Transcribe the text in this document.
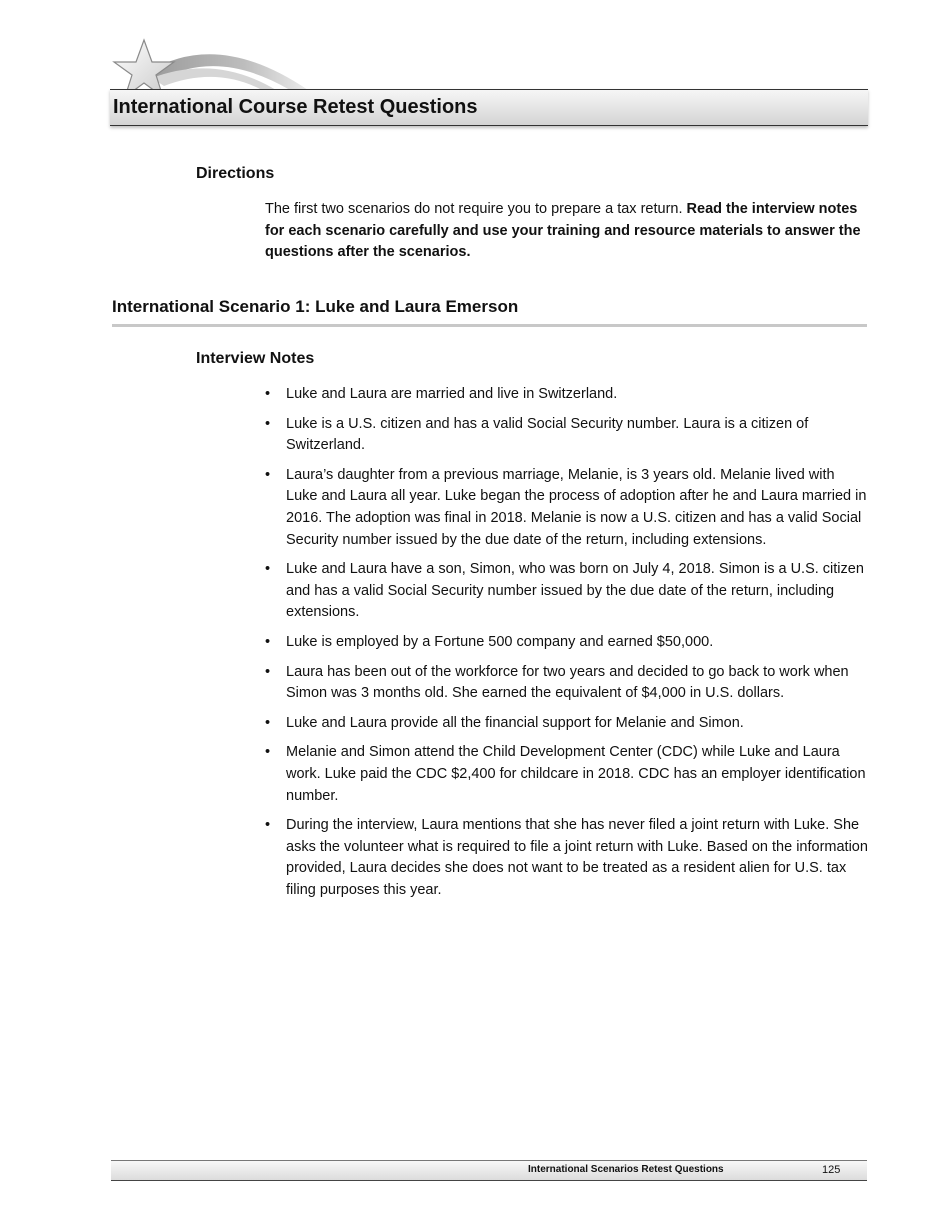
International Course Retest Questions
Directions
The first two scenarios do not require you to prepare a tax return. Read the interview notes for each scenario carefully and use your training and resource materials to answer the questions after the scenarios.
International Scenario 1: Luke and Laura Emerson
Interview Notes
• Luke and Laura are married and live in Switzerland.
• Luke is a U.S. citizen and has a valid Social Security number. Laura is a citizen of Switzerland.
• Laura’s daughter from a previous marriage, Melanie, is 3 years old. Melanie lived with Luke and Laura all year. Luke began the process of adoption after he and Laura married in 2016. The adoption was final in 2018. Melanie is now a U.S. citizen and has a valid Social Security number issued by the due date of the return, including extensions.
• Luke and Laura have a son, Simon, who was born on July 4, 2018. Simon is a U.S. citizen and has a valid Social Security number issued by the due date of the return, including extensions.
• Luke is employed by a Fortune 500 company and earned $50,000.
• Laura has been out of the workforce for two years and decided to go back to work when Simon was 3 months old. She earned the equivalent of $4,000 in U.S. dollars.
• Luke and Laura provide all the financial support for Melanie and Simon.
• Melanie and Simon attend the Child Development Center (CDC) while Luke and Laura work. Luke paid the CDC $2,400 for childcare in 2018. CDC has an employer identification number.
• During the interview, Laura mentions that she has never filed a joint return with Luke. She asks the volunteer what is required to file a joint return with Luke. Based on the information provided, Laura decides she does not want to be treated as a resident alien for U.S. tax filing purposes this year.
International Scenarios Retest Questions	125
